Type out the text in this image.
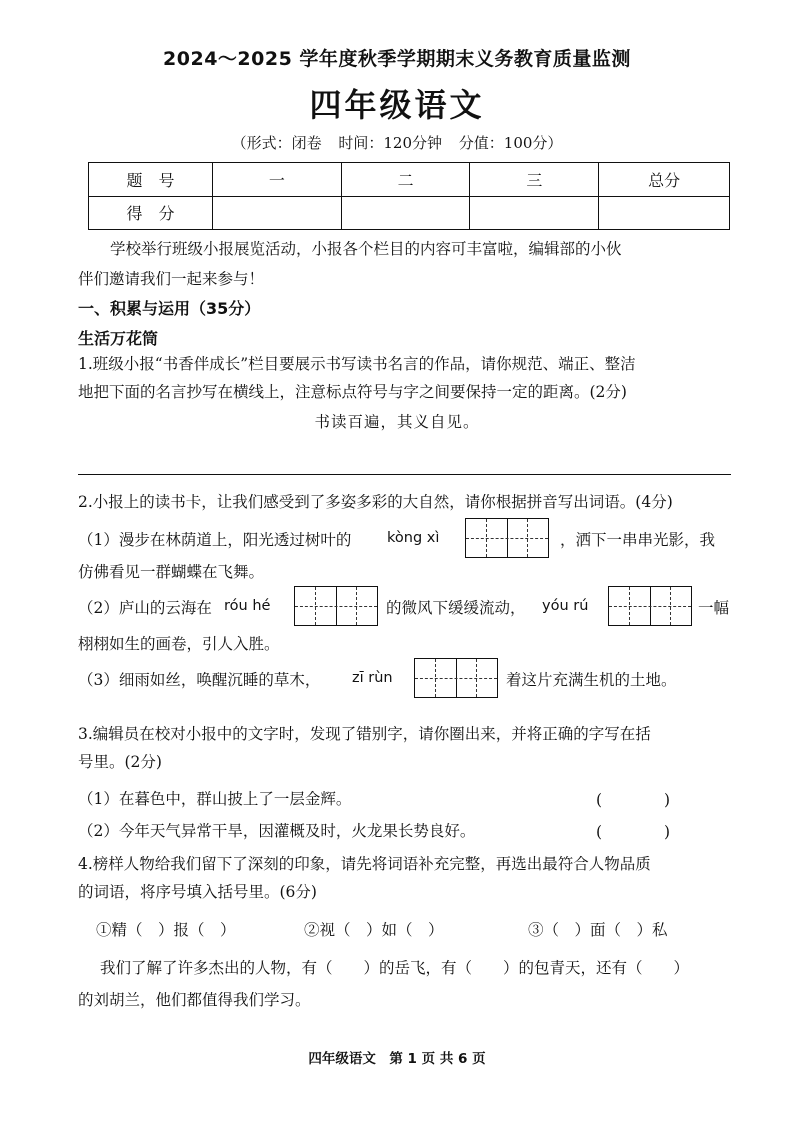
2024～2025 学年度秋季学期期末义务教育质量监测
四年级语文
（形式：闭卷 时间：120分钟 分值：100分）
题　号	一	二	三	总分
得　分				
学校举行班级小报展览活动，小报各个栏目的内容可丰富啦，编辑部的小伙
伴们邀请我们一起来参与！
一、积累与运用（35分）
生活万花筒
1.班级小报“书香伴成长”栏目要展示书写读书名言的作品，请你规范、端正、整洁
地把下面的名言抄写在横线上，注意标点符号与字之间要保持一定的距离。(2分)
书读百遍，其义自见。
2.小报上的读书卡，让我们感受到了多姿多彩的大自然，请你根据拼音写出词语。(4分)
（1）漫步在林荫道上，阳光透过树叶的 kòng xì	，洒下一串串光影，我
仿佛看见一群蝴蝶在飞舞。
（2）庐山的云海在 róu hé	的微风下缓缓流动， yóu rú	一幅
栩栩如生的画卷，引人入胜。
（3）细雨如丝，唤醒沉睡的草木， zī rùn	着这片充满生机的土地。
3.编辑员在校对小报中的文字时，发现了错别字，请你圈出来，并将正确的字写在括
号里。(2分)
（1）在暮色中，群山披上了一层金辉。	(　　　　)
（2）今年天气异常干旱，因灌概及时，火龙果长势良好。	(　　　　)
4.榜样人物给我们留下了深刻的印象，请先将词语补充完整，再选出最符合人物品质
的词语，将序号填入括号里。(6分)
①精（　）报（　）	②视（　）如（　）	③（　）面（　）私
我们了解了许多杰出的人物，有（　　）的岳飞，有（　　）的包青天，还有（　　）
的刘胡兰，他们都值得我们学习。
四年级语文　第 1 页 共 6 页
